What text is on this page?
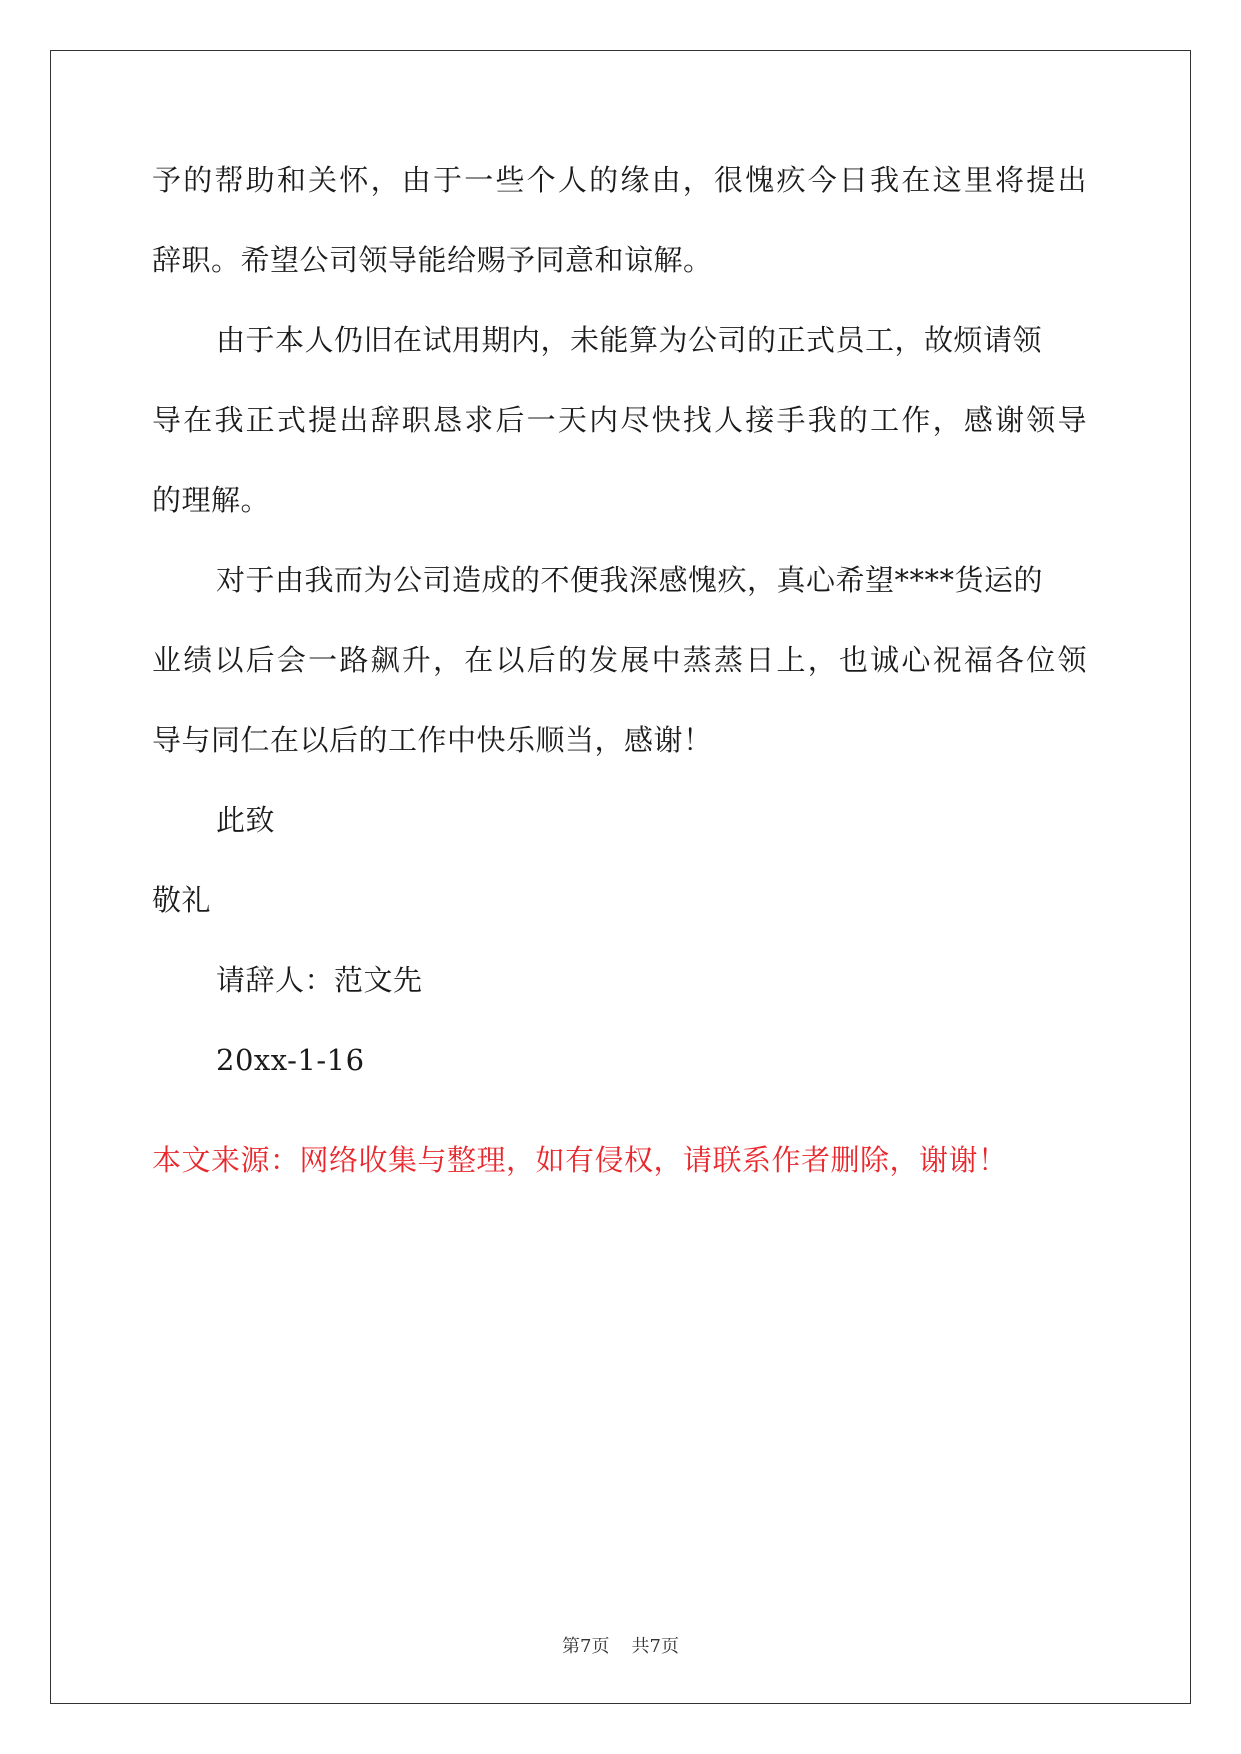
予的帮助和关怀，由于一些个人的缘由，很愧疚今日我在这里将提出
辞职。希望公司领导能给赐予同意和谅解。
由于本人仍旧在试用期内，未能算为公司的正式员工，故烦请领
导在我正式提出辞职恳求后一天内尽快找人接手我的工作，感谢领导
的理解。
对于由我而为公司造成的不便我深感愧疚，真心希望****货运的
业绩以后会一路飙升，在以后的发展中蒸蒸日上，也诚心祝福各位领
导与同仁在以后的工作中快乐顺当，感谢！
此致
敬礼
请辞人：范文先
20xx-1-16
本文来源：网络收集与整理，如有侵权，请联系作者删除，谢谢！
第7页 共7页
